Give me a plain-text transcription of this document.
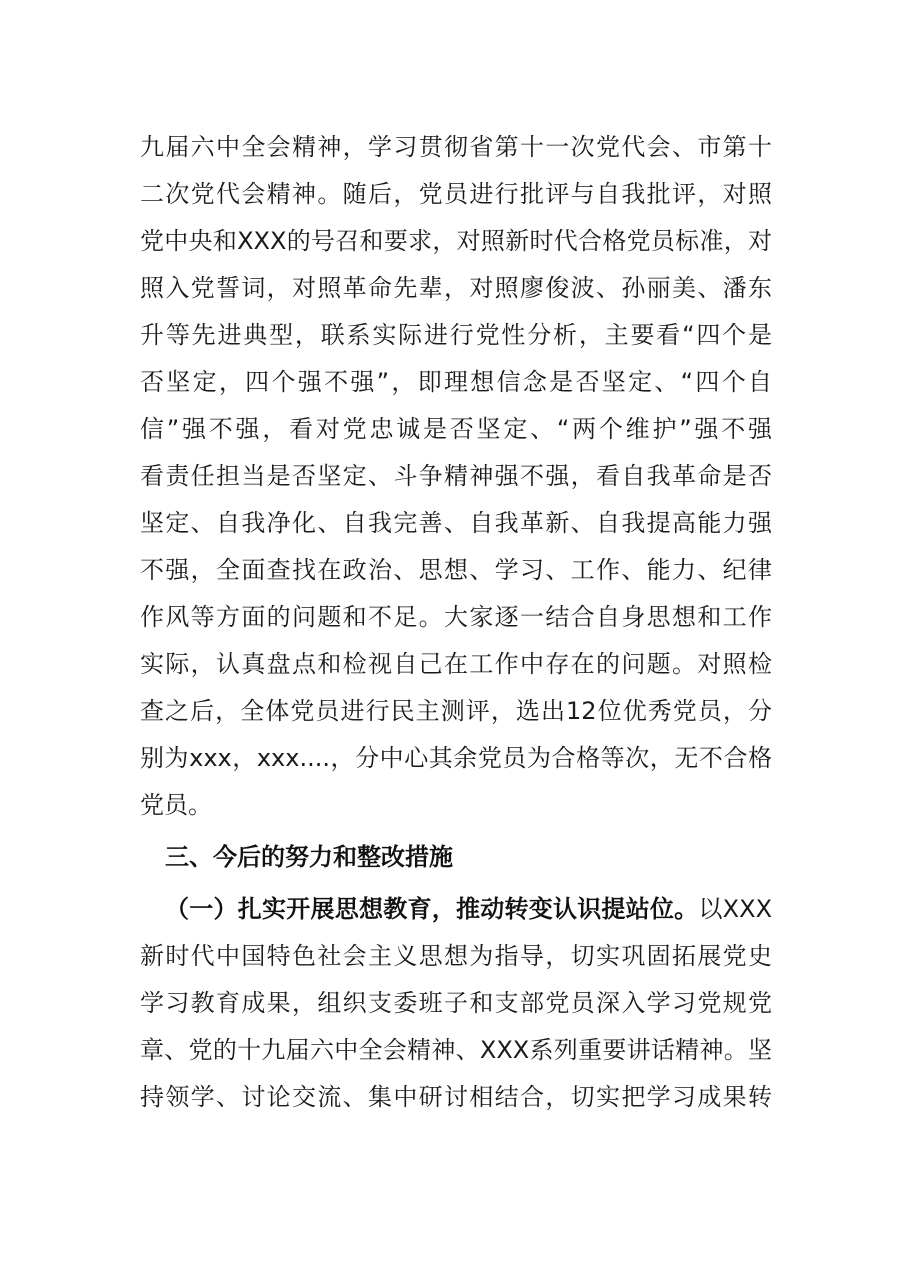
九届六中全会精神，学习贯彻省第十一次党代会、市第十
二次党代会精神。随后，党员进行批评与自我批评，对照
党中央和XXX的号召和要求，对照新时代合格党员标准，对
照入党誓词，对照革命先辈，对照廖俊波、孙丽美、潘东
升等先进典型，联系实际进行党性分析，主要看“四个是
否坚定，四个强不强”，即理想信念是否坚定、“四个自
信”强不强，看对党忠诚是否坚定、“两个维护”强不强
看责任担当是否坚定、斗争精神强不强，看自我革命是否
坚定、自我净化、自我完善、自我革新、自我提高能力强
不强，全面查找在政治、思想、学习、工作、能力、纪律
作风等方面的问题和不足。大家逐一结合自身思想和工作
实际，认真盘点和检视自己在工作中存在的问题。对照检
查之后，全体党员进行民主测评，选出12位优秀党员，分
别为xxx，xxx....，分中心其余党员为合格等次，无不合格
党员。
三、今后的努力和整改措施
（一）扎实开展思想教育，推动转变认识提站位。以XXX
新时代中国特色社会主义思想为指导，切实巩固拓展党史
学习教育成果，组织支委班子和支部党员深入学习党规党
章、党的十九届六中全会精神、XXX系列重要讲话精神。坚
持领学、讨论交流、集中研讨相结合，切实把学习成果转
